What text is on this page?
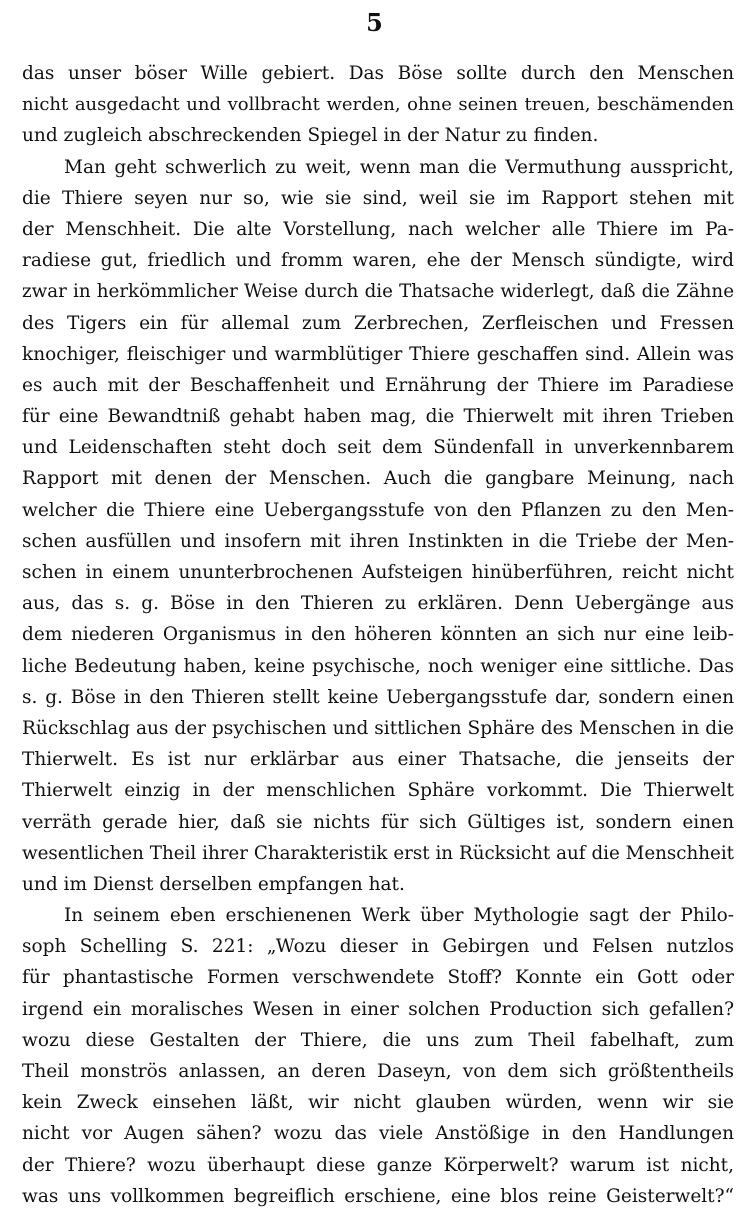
5
das unser böser Wille gebiert. Das Böse sollte durch den Menschen
nicht ausgedacht und vollbracht werden, ohne seinen treuen, beschämenden
und zugleich abschreckenden Spiegel in der Natur zu finden.
Man geht schwerlich zu weit, wenn man die Vermuthung ausspricht,
die Thiere seyen nur so, wie sie sind, weil sie im Rapport stehen mit
der Menschheit. Die alte Vorstellung, nach welcher alle Thiere im Pa-
radiese gut, friedlich und fromm waren, ehe der Mensch sündigte, wird
zwar in herkömmlicher Weise durch die Thatsache widerlegt, daß die Zähne
des Tigers ein für allemal zum Zerbrechen, Zerfleischen und Fressen
knochiger, fleischiger und warmblütiger Thiere geschaffen sind. Allein was
es auch mit der Beschaffenheit und Ernährung der Thiere im Paradiese
für eine Bewandtniß gehabt haben mag, die Thierwelt mit ihren Trieben
und Leidenschaften steht doch seit dem Sündenfall in unverkennbarem
Rapport mit denen der Menschen. Auch die gangbare Meinung, nach
welcher die Thiere eine Uebergangsstufe von den Pflanzen zu den Men-
schen ausfüllen und insofern mit ihren Instinkten in die Triebe der Men-
schen in einem ununterbrochenen Aufsteigen hinüberführen, reicht nicht
aus, das s. g. Böse in den Thieren zu erklären. Denn Uebergänge aus
dem niederen Organismus in den höheren könnten an sich nur eine leib-
liche Bedeutung haben, keine psychische, noch weniger eine sittliche. Das
s. g. Böse in den Thieren stellt keine Uebergangsstufe dar, sondern einen
Rückschlag aus der psychischen und sittlichen Sphäre des Menschen in die
Thierwelt. Es ist nur erklärbar aus einer Thatsache, die jenseits der
Thierwelt einzig in der menschlichen Sphäre vorkommt. Die Thierwelt
verräth gerade hier, daß sie nichts für sich Gültiges ist, sondern einen
wesentlichen Theil ihrer Charakteristik erst in Rücksicht auf die Menschheit
und im Dienst derselben empfangen hat.
In seinem eben erschienenen Werk über Mythologie sagt der Philo-
soph Schelling S. 221: „Wozu dieser in Gebirgen und Felsen nutzlos
für phantastische Formen verschwendete Stoff? Konnte ein Gott oder
irgend ein moralisches Wesen in einer solchen Production sich gefallen?
wozu diese Gestalten der Thiere, die uns zum Theil fabelhaft, zum
Theil monströs anlassen, an deren Daseyn, von dem sich größtentheils
kein Zweck einsehen läßt, wir nicht glauben würden, wenn wir sie
nicht vor Augen sähen? wozu das viele Anstößige in den Handlungen
der Thiere? wozu überhaupt diese ganze Körperwelt? warum ist nicht,
was uns vollkommen begreiflich erschiene, eine blos reine Geisterwelt?“
